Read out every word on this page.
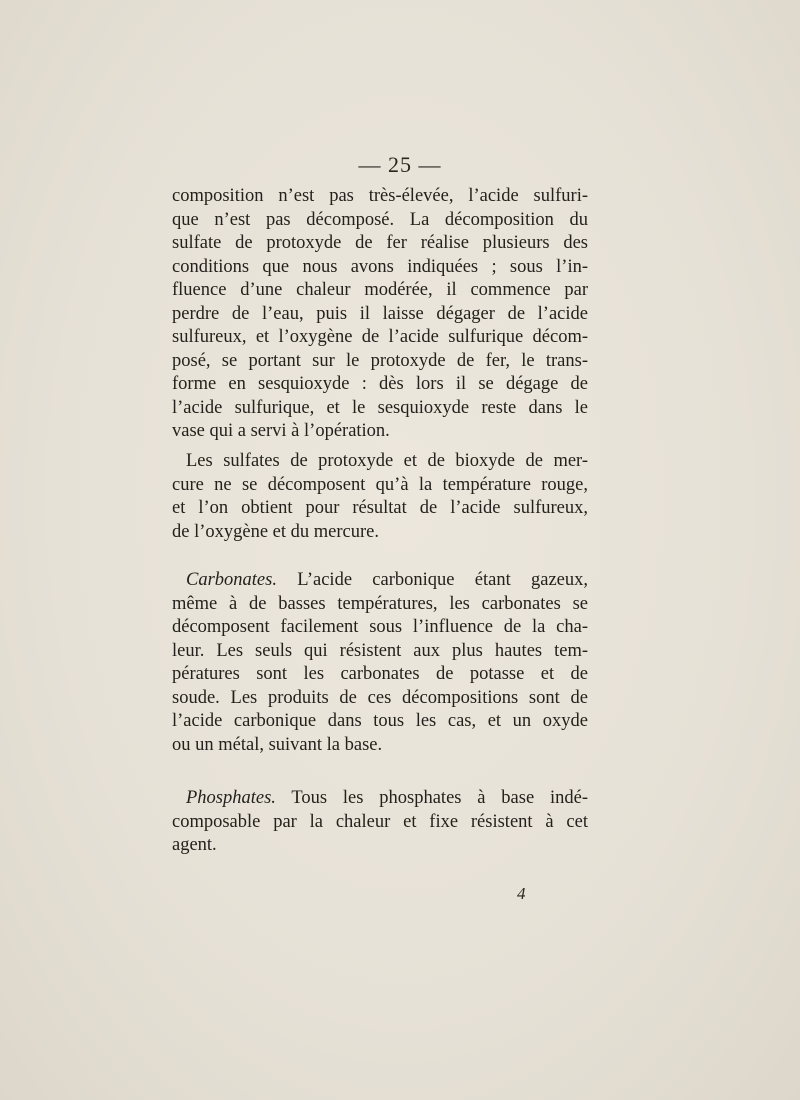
— 25 —
composition n’est pas très-élevée, l’acide sulfuri-
que n’est pas décomposé. La décomposition du
sulfate de protoxyde de fer réalise plusieurs des
conditions que nous avons indiquées ; sous l’in-
fluence d’une chaleur modérée, il commence par
perdre de l’eau, puis il laisse dégager de l’acide
sulfureux, et l’oxygène de l’acide sulfurique décom-
posé, se portant sur le protoxyde de fer, le trans-
forme en sesquioxyde : dès lors il se dégage de
l’acide sulfurique, et le sesquioxyde reste dans le
vase qui a servi à l’opération.
Les sulfates de protoxyde et de bioxyde de mer-
cure ne se décomposent qu’à la température rouge,
et l’on obtient pour résultat de l’acide sulfureux,
de l’oxygène et du mercure.
Carbonates. L’acide carbonique étant gazeux,
même à de basses températures, les carbonates se
décomposent facilement sous l’influence de la cha-
leur. Les seuls qui résistent aux plus hautes tem-
pératures sont les carbonates de potasse et de
soude. Les produits de ces décompositions sont de
l’acide carbonique dans tous les cas, et un oxyde
ou un métal, suivant la base.
Phosphates. Tous les phosphates à base indé-
composable par la chaleur et fixe résistent à cet
agent.
4
